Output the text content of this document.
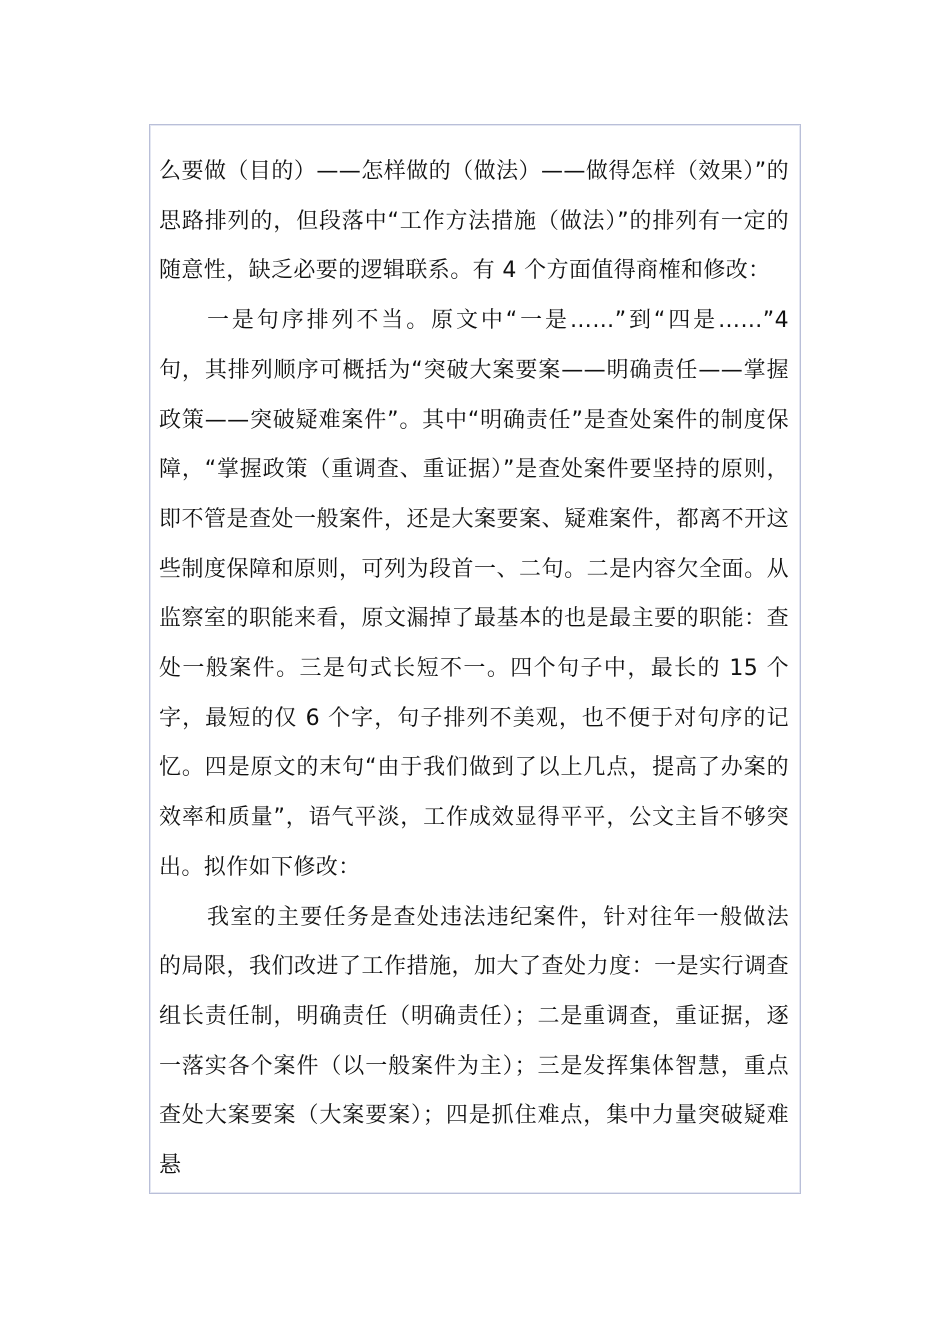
么要做（目的）——怎样做的（做法）——做得怎样（效果）”的思路排列的，但段落中“工作方法措施（做法）”的排列有一定的随意性，缺乏必要的逻辑联系。有 4 个方面值得商榷和修改：

一是句序排列不当。原文中“一是……”到“四是……”4 句，其排列顺序可概括为“突破大案要案——明确责任——掌握政策——突破疑难案件”。其中“明确责任”是查处案件的制度保障，“掌握政策（重调查、重证据）”是查处案件要坚持的原则，即不管是查处一般案件，还是大案要案、疑难案件，都离不开这些制度保障和原则，可列为段首一、二句。二是内容欠全面。从监察室的职能来看，原文漏掉了最基本的也是最主要的职能：查处一般案件。三是句式长短不一。四个句子中，最长的 15 个字，最短的仅 6 个字，句子排列不美观，也不便于对句序的记忆。四是原文的末句“由于我们做到了以上几点，提高了办案的效率和质量”，语气平淡，工作成效显得平平，公文主旨不够突出。拟作如下修改：

我室的主要任务是查处违法违纪案件，针对往年一般做法的局限，我们改进了工作措施，加大了查处力度：一是实行调查组长责任制，明确责任（明确责任）；二是重调查，重证据，逐一落实各个案件（以一般案件为主）；三是发挥集体智慧，重点查处大案要案（大案要案）；四是抓住难点，集中力量突破疑难悬
